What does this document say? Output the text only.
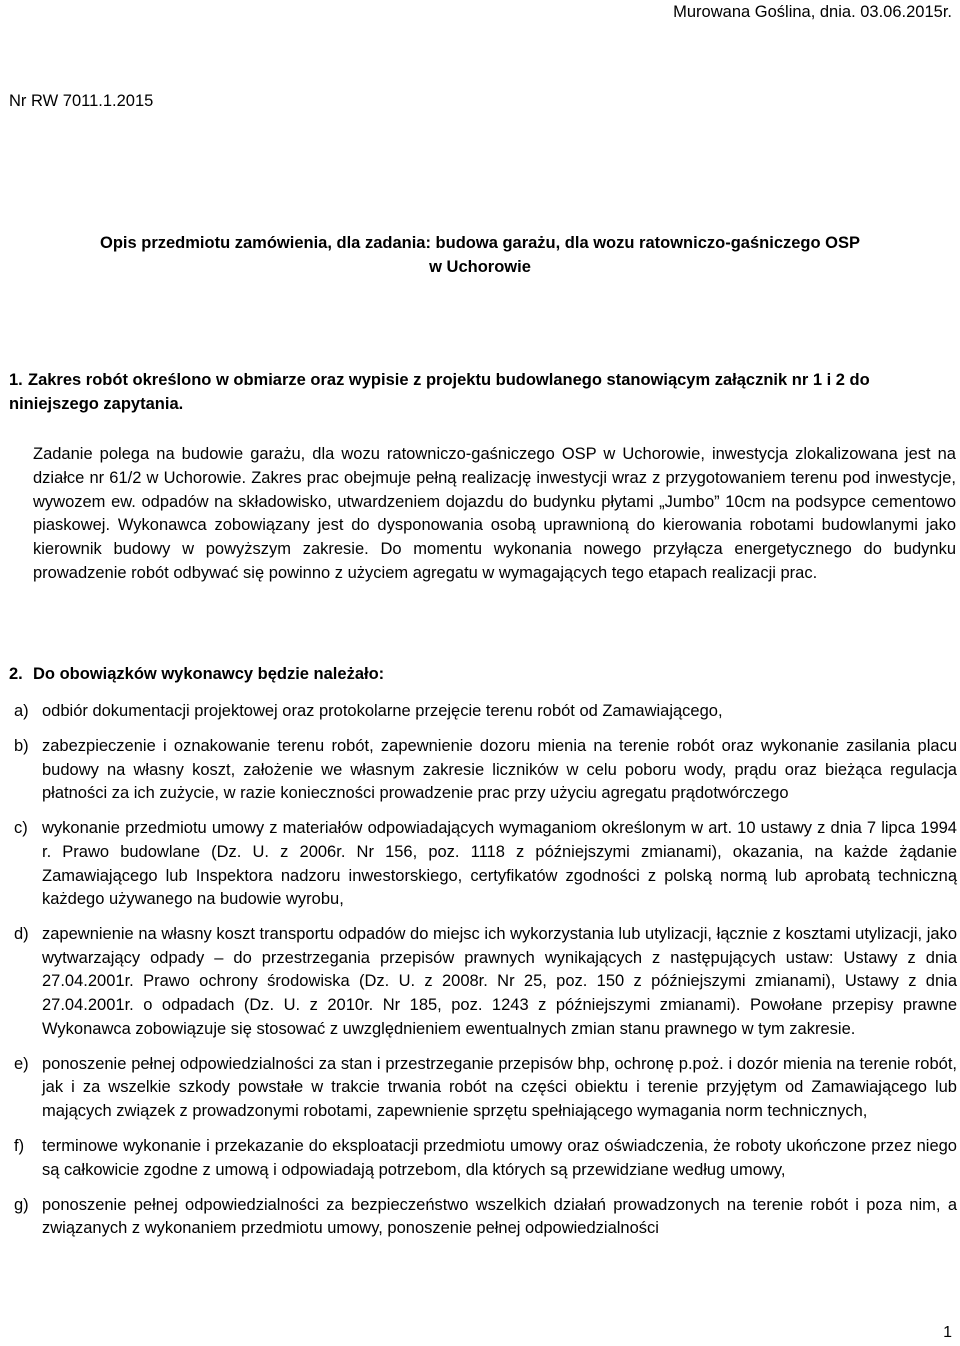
Murowana Goślina, dnia. 03.06.2015r.
Nr RW 7011.1.2015
Opis przedmiotu zamówienia, dla zadania: budowa garażu, dla wozu ratowniczo-gaśniczego OSP
w Uchorowie
1. Zakres robót określono w obmiarze oraz wypisie z projektu budowlanego stanowiącym załącznik nr 1 i 2 do niniejszego zapytania.
Zadanie polega na budowie garażu, dla wozu ratowniczo-gaśniczego OSP w Uchorowie, inwestycja zlokalizowana jest na działce nr 61/2 w Uchorowie. Zakres prac obejmuje pełną realizację inwestycji wraz z przygotowaniem terenu pod inwestycje, wywozem ew. odpadów na składowisko, utwardzeniem dojazdu do budynku płytami „Jumbo” 10cm na podsypce cementowo piaskowej. Wykonawca zobowiązany jest do dysponowania osobą uprawnioną do kierowania robotami budowlanymi jako kierownik budowy w powyższym zakresie. Do momentu wykonania nowego przyłącza energetycznego do budynku prowadzenie robót odbywać się powinno z użyciem agregatu w wymagających tego etapach realizacji prac.
2. Do obowiązków wykonawcy będzie należało:
a) odbiór dokumentacji projektowej oraz protokolarne przejęcie terenu robót od Zamawiającego,
b) zabezpieczenie i oznakowanie terenu robót, zapewnienie dozoru mienia na terenie robót oraz wykonanie zasilania placu budowy na własny koszt, założenie we własnym zakresie liczników w celu poboru wody, prądu oraz bieżąca regulacja płatności za ich zużycie, w razie konieczności prowadzenie prac przy użyciu agregatu prądotwórczego
c) wykonanie przedmiotu umowy z materiałów odpowiadających wymaganiom określonym w art. 10 ustawy z dnia 7 lipca 1994 r. Prawo budowlane (Dz. U. z 2006r. Nr 156, poz. 1118 z późniejszymi zmianami), okazania, na każde żądanie Zamawiającego lub Inspektora nadzoru inwestorskiego, certyfikatów zgodności z polską normą lub aprobatą techniczną każdego używanego na budowie wyrobu,
d) zapewnienie na własny koszt transportu odpadów do miejsc ich wykorzystania lub utylizacji, łącznie z kosztami utylizacji, jako wytwarzający odpady – do przestrzegania przepisów prawnych wynikających z następujących ustaw: Ustawy z dnia 27.04.2001r. Prawo ochrony środowiska (Dz. U. z 2008r. Nr 25, poz. 150 z późniejszymi zmianami), Ustawy z dnia 27.04.2001r. o odpadach (Dz. U. z 2010r. Nr 185, poz. 1243 z późniejszymi zmianami). Powołane przepisy prawne Wykonawca zobowiązuje się stosować z uwzględnieniem ewentualnych zmian stanu prawnego w tym zakresie.
e) ponoszenie pełnej odpowiedzialności za stan i przestrzeganie przepisów bhp, ochronę p.poż. i dozór mienia na terenie robót, jak i za wszelkie szkody powstałe w trakcie trwania robót na części obiektu i terenie przyjętym od Zamawiającego lub mających związek z prowadzonymi robotami, zapewnienie sprzętu spełniającego wymagania norm technicznych,
f) terminowe wykonanie i przekazanie do eksploatacji przedmiotu umowy oraz oświadczenia, że roboty ukończone przez niego są całkowicie zgodne z umową i odpowiadają potrzebom, dla których są przewidziane według umowy,
g) ponoszenie pełnej odpowiedzialności za bezpieczeństwo wszelkich działań prowadzonych na terenie robót i poza nim, a związanych z wykonaniem przedmiotu umowy, ponoszenie pełnej odpowiedzialności
1
